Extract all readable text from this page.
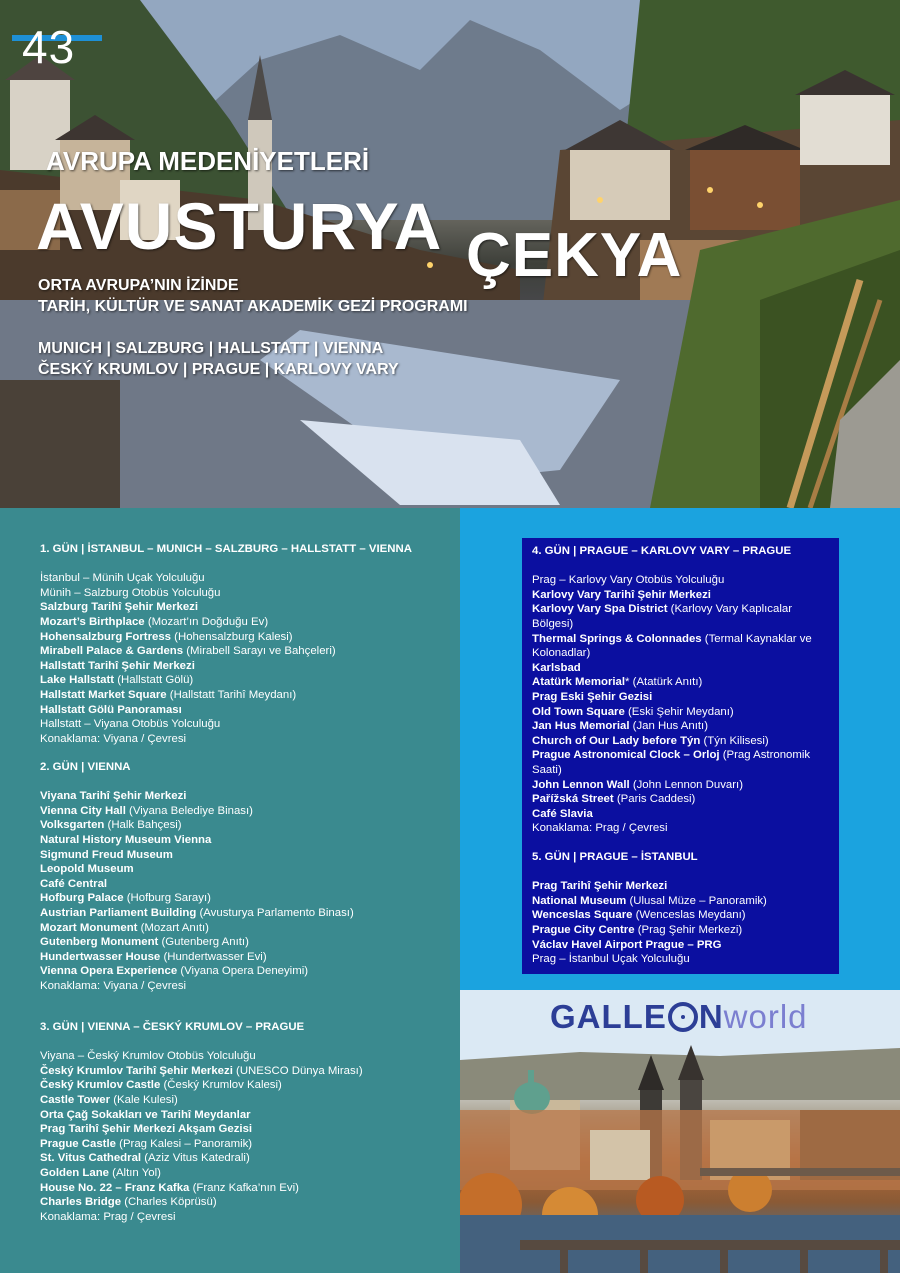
43
AVRUPA MEDENİYETLERİ
AVUSTURYA ÇEKYA
ORTA AVRUPA’NIN İZİNDE
TARİH, KÜLTÜR VE SANAT AKADEMİK GEZİ PROGRAMI
MUNICH | SALZBURG | HALLSTATT | VIENNA
ČESKÝ KRUMLOV | PRAGUE | KARLOVY VARY
1. GÜN | İSTANBUL – MUNICH – SALZBURG – HALLSTATT – VIENNA
İstanbul – Münih Uçak Yolculuğu
Münih – Salzburg Otobüs Yolculuğu
Salzburg Tarihî Şehir Merkezi
Mozart’s Birthplace (Mozart’ın Doğduğu Ev)
Hohensalzburg Fortress (Hohensalzburg Kalesi)
Mirabell Palace & Gardens (Mirabell Sarayı ve Bahçeleri)
Hallstatt Tarihî Şehir Merkezi
Lake Hallstatt (Hallstatt Gölü)
Hallstatt Market Square (Hallstatt Tarihî Meydanı)
Hallstatt Gölü Panoraması
Hallstatt – Viyana Otobüs Yolculuğu
Konaklama: Viyana / Çevresi
2. GÜN | VIENNA
Viyana Tarihî Şehir Merkezi
Vienna City Hall (Viyana Belediye Binası)
Volksgarten (Halk Bahçesi)
Natural History Museum Vienna
Sigmund Freud Museum
Leopold Museum
Café Central
Hofburg Palace (Hofburg Sarayı)
Austrian Parliament Building (Avusturya Parlamento Binası)
Mozart Monument (Mozart Anıtı)
Gutenberg Monument (Gutenberg Anıtı)
Hundertwasser House (Hundertwasser Evi)
Vienna Opera Experience (Viyana Opera Deneyimi)
Konaklama: Viyana / Çevresi
3. GÜN | VIENNA – ČESKÝ KRUMLOV – PRAGUE
Viyana – Český Krumlov Otobüs Yolculuğu
Český Krumlov Tarihî Şehir Merkezi (UNESCO Dünya Mirası)
Český Krumlov Castle (Český Krumlov Kalesi)
Castle Tower (Kale Kulesi)
Orta Çağ Sokakları ve Tarihî Meydanlar
Prag Tarihî Şehir Merkezi Akşam Gezisi
Prague Castle (Prag Kalesi – Panoramik)
St. Vitus Cathedral (Aziz Vitus Katedrali)
Golden Lane (Altın Yol)
House No. 22 – Franz Kafka (Franz Kafka’nın Evi)
Charles Bridge (Charles Köprüsü)
Konaklama: Prag / Çevresi
4. GÜN | PRAGUE – KARLOVY VARY – PRAGUE
Prag – Karlovy Vary Otobüs Yolculuğu
Karlovy Vary Tarihî Şehir Merkezi
Karlovy Vary Spa District (Karlovy Vary Kaplıcalar Bölgesi)
Thermal Springs & Colonnades (Termal Kaynaklar ve Kolonadlar)
Karlsbad
Atatürk Memorial* (Atatürk Anıtı)
Prag Eski Şehir Gezisi
Old Town Square (Eski Şehir Meydanı)
Jan Hus Memorial (Jan Hus Anıtı)
Church of Our Lady before Týn (Týn Kilisesi)
Prague Astronomical Clock – Orloj (Prag Astronomik Saati)
John Lennon Wall (John Lennon Duvarı)
Pařížská Street (Paris Caddesi)
Café Slavia
Konaklama: Prag / Çevresi
5. GÜN | PRAGUE – İSTANBUL
Prag Tarihî Şehir Merkezi
National Museum (Ulusal Müze – Panoramik)
Wenceslas Square (Wenceslas Meydanı)
Prague City Centre (Prag Şehir Merkezi)
Václav Havel Airport Prague – PRG
Prag – İstanbul Uçak Yolculuğu
GALLE Nworld
